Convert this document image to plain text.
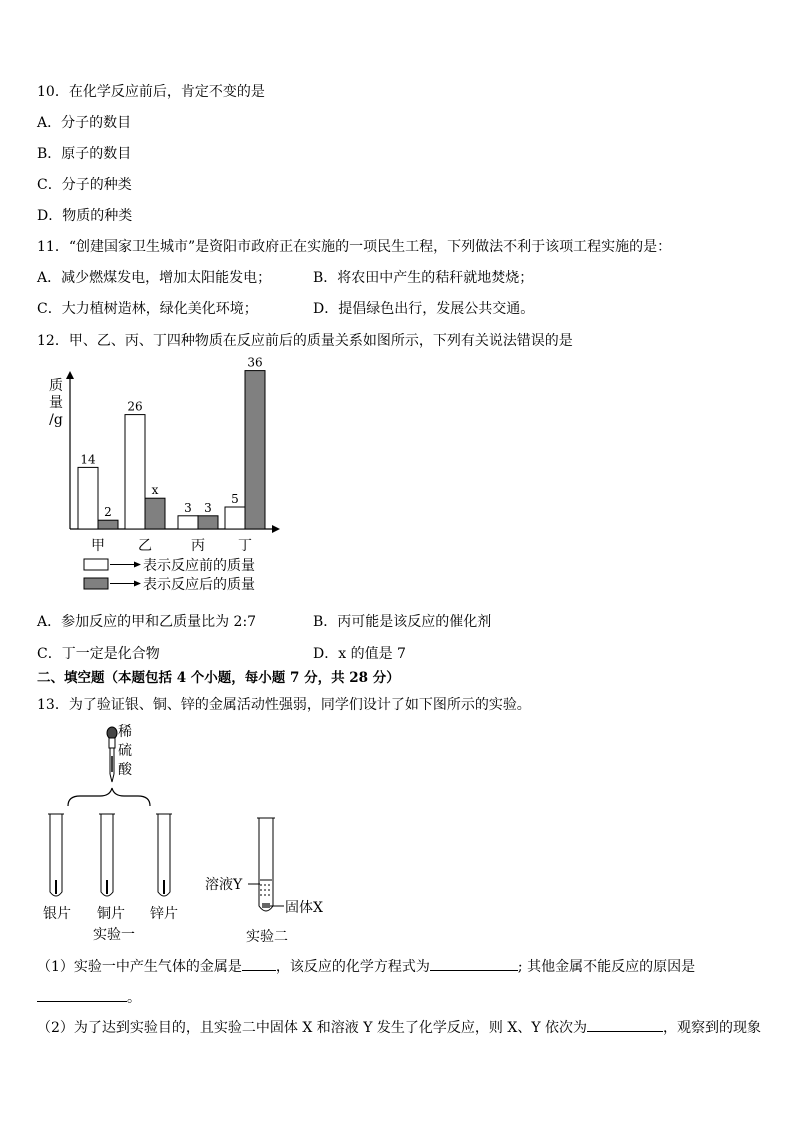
10．在化学反应前后，肯定不变的是
A．分子的数目
B．原子的数目
C．分子的种类
D．物质的种类
11．“创建国家卫生城市”是资阳市政府正在实施的一项民生工程，下列做法不利于该项工程实施的是：
A．减少燃煤发电，增加太阳能发电；	B．将农田中产生的秸秆就地焚烧；
C．大力植树造林，绿化美化环境；	D．提倡绿色出行，发展公共交通。
12．甲、乙、丙、丁四种物质在反应前后的质量关系如图所示，下列有关说法错误的是
甲 乙	丙 丁
质
量
/g
14
2
26
x
3 3
5
36
表示反应前的质量
表示反应后的质量
A．参加反应的甲和乙质量比为 2:7	B．丙可能是该反应的催化剂
C．丁一定是化合物	D．x 的值是 7
二、填空题（本题包括 4 个小题，每小题 7 分，共 28 分）
13．为了验证银、铜、锌的金属活动性强弱，同学们设计了如下图所示的实验。
稀
硫
酸
银片 铜片 锌片
实验一
溶液Y
固体X
实验二
（1）实验一中产生气体的金属是 ，该反应的化学方程式为	; 其他金属不能反应的原因是
。
（2）为了达到实验目的，且实验二中固体 X 和溶液 Y 发生了化学反应，则 X、Y 依次为	，观察到的现象
